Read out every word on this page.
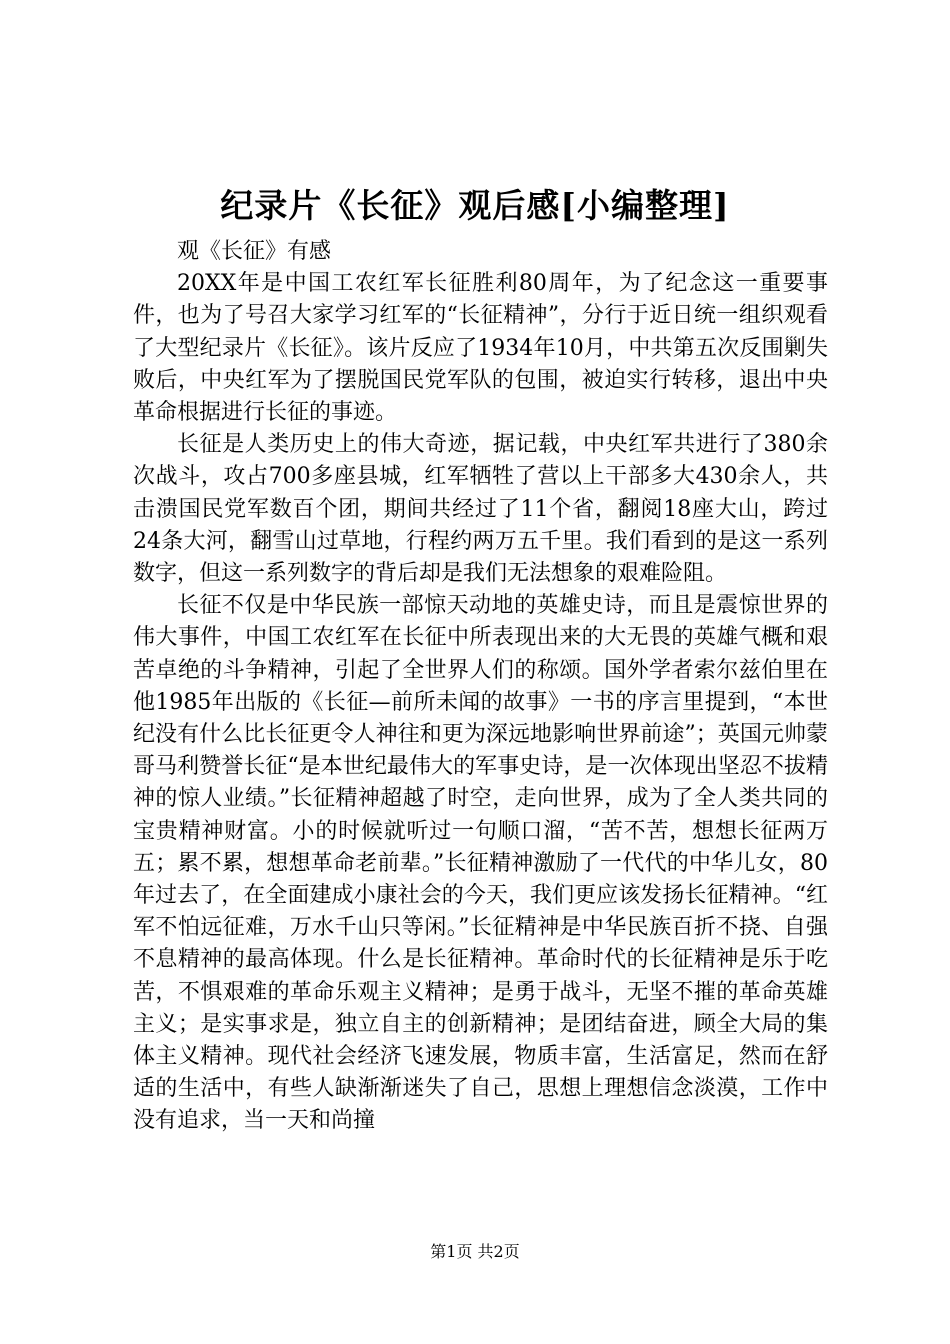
纪录片《长征》观后感[小编整理]

观《长征》有感

20XX年是中国工农红军长征胜利80周年，为了纪念这一重要事件，也为了号召大家学习红军的“长征精神”，分行于近日统一组织观看了大型纪录片《长征》。该片反应了1934年10月，中共第五次反围剿失败后，中央红军为了摆脱国民党军队的包围，被迫实行转移，退出中央革命根据进行长征的事迹。

长征是人类历史上的伟大奇迹，据记载，中央红军共进行了380余次战斗，攻占700多座县城，红军牺牲了营以上干部多大430余人，共击溃国民党军数百个团，期间共经过了11个省，翻阅18座大山，跨过24条大河，翻雪山过草地，行程约两万五千里。我们看到的是这一系列数字，但这一系列数字的背后却是我们无法想象的艰难险阻。

长征不仅是中华民族一部惊天动地的英雄史诗，而且是震惊世界的伟大事件，中国工农红军在长征中所表现出来的大无畏的英雄气概和艰苦卓绝的斗争精神，引起了全世界人们的称颂。国外学者索尔兹伯里在他1985年出版的《长征—前所未闻的故事》一书的序言里提到，“本世纪没有什么比长征更令人神往和更为深远地影响世界前途”；英国元帅蒙哥马利赞誉长征“是本世纪最伟大的军事史诗，是一次体现出坚忍不拔精神的惊人业绩。”长征精神超越了时空，走向世界，成为了全人类共同的宝贵精神财富。小的时候就听过一句顺口溜，“苦不苦，想想长征两万五；累不累，想想革命老前辈。”长征精神激励了一代代的中华儿女，80年过去了，在全面建成小康社会的今天，我们更应该发扬长征精神。“红军不怕远征难，万水千山只等闲。”长征精神是中华民族百折不挠、自强不息精神的最高体现。什么是长征精神。革命时代的长征精神是乐于吃苦，不惧艰难的革命乐观主义精神；是勇于战斗，无坚不摧的革命英雄主义；是实事求是，独立自主的创新精神；是团结奋进，顾全大局的集体主义精神。现代社会经济飞速发展，物质丰富，生活富足，然而在舒适的生活中，有些人缺渐渐迷失了自己，思想上理想信念淡漠，工作中没有追求，当一天和尚撞

第1页 共2页
